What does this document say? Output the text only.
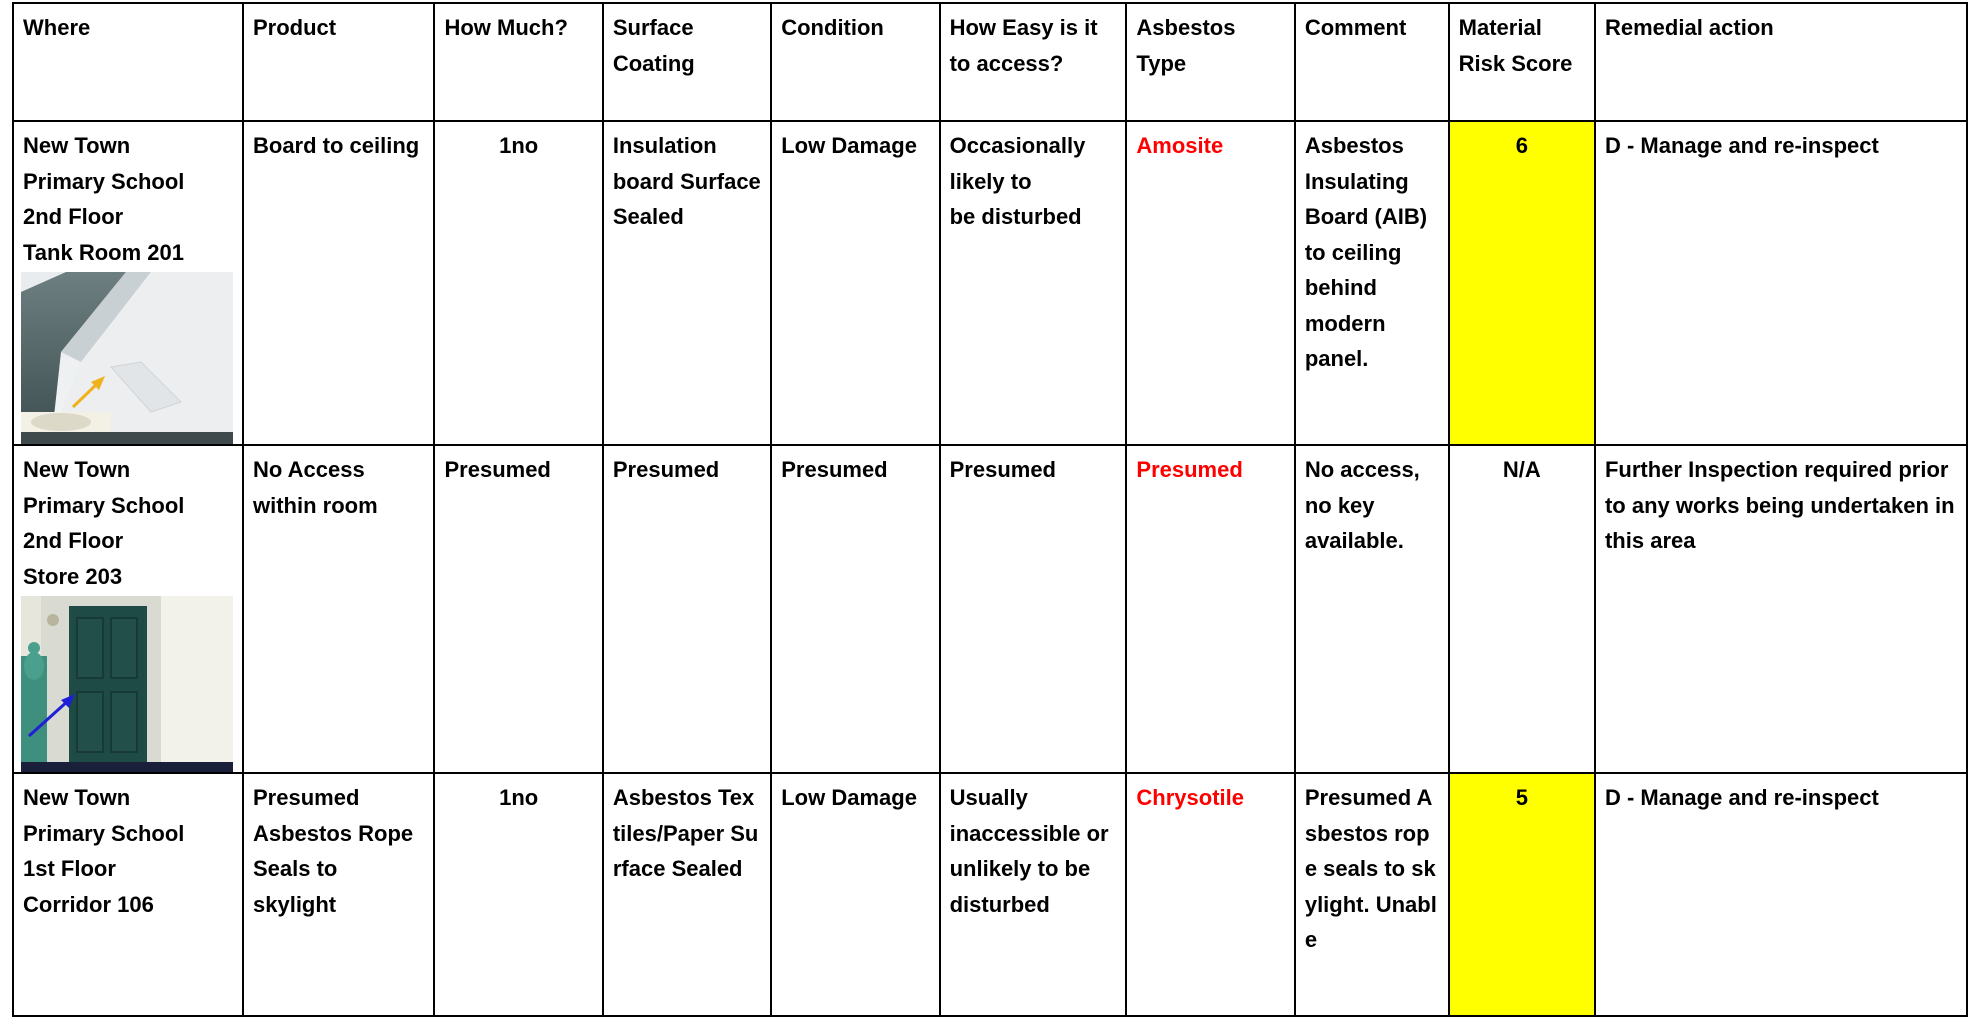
Where	Product	How Much?	Surface Coating	Condition	How Easy is it to access?	Asbestos Type	Comment	Material Risk Score	Remedial action

New Town
Primary School
2nd Floor
Tank Room 201	Board to ceiling	1no	Insulation board Surface Sealed	Low Damage	Occasionally likely to
be disturbed	Amosite	Asbestos Insulating Board (AIB) to ceiling behind modern panel.	6	D - Manage and re-inspect

New Town
Primary School
2nd Floor
Store 203	No Access within room	Presumed	Presumed	Presumed	Presumed	Presumed	No access, no key available.	N/A	Further Inspection required prior to any works being undertaken in this area
New Town
Primary School
1st Floor
Corridor 106	Presumed Asbestos Rope Seals to skylight	1no	Asbestos Textiles/Paper Surface Sealed	Low Damage	Usually inaccessible or unlikely to be disturbed	Chrysotile	Presumed Asbestos rope seals to skylight. Unable	5	D - Manage and re-inspect
